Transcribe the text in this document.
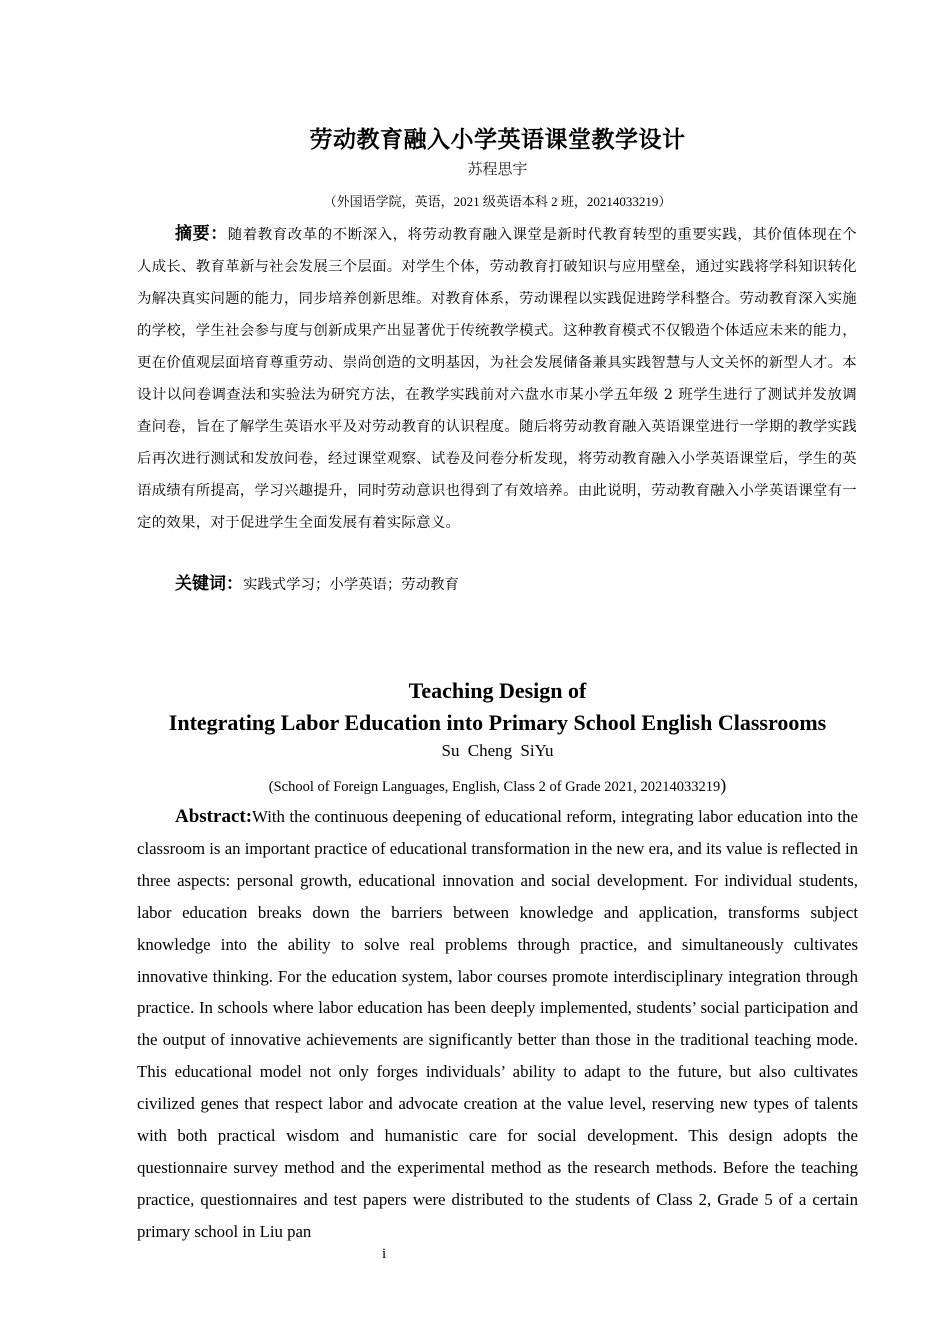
劳动教育融入小学英语课堂教学设计
苏程思宇
（外国语学院，英语，2021 级英语本科 2 班，20214033219）

摘要：随着教育改革的不断深入，将劳动教育融入课堂是新时代教育转型的重要实践，其价值体现在个人成长、教育革新与社会发展三个层面。对学生个体，劳动教育打破知识与应用壁垒，通过实践将学科知识转化为解决真实问题的能力，同步培养创新思维。对教育体系，劳动课程以实践促进跨学科整合。劳动教育深入实施的学校，学生社会参与度与创新成果产出显著优于传统教学模式。这种教育模式不仅锻造个体适应未来的能力，更在价值观层面培育尊重劳动、崇尚创造的文明基因，为社会发展储备兼具实践智慧与人文关怀的新型人才。本设计以问卷调查法和实验法为研究方法，在教学实践前对六盘水市某小学五年级 2 班学生进行了测试并发放调查问卷，旨在了解学生英语水平及对劳动教育的认识程度。随后将劳动教育融入英语课堂进行一学期的教学实践后再次进行测试和发放问卷，经过课堂观察、试卷及问卷分析发现，将劳动教育融入小学英语课堂后，学生的英语成绩有所提高，学习兴趣提升，同时劳动意识也得到了有效培养。由此说明，劳动教育融入小学英语课堂有一定的效果，对于促进学生全面发展有着实际意义。

关键词：实践式学习；小学英语；劳动教育

Teaching Design of
Integrating Labor Education into Primary School English Classrooms
Su Cheng SiYu
(School of Foreign Languages, English, Class 2 of Grade 2021, 20214033219)

Abstract:With the continuous deepening of educational reform, integrating labor education into the classroom is an important practice of educational transformation in the new era, and its value is reflected in three aspects: personal growth, educational innovation and social development. For individual students, labor education breaks down the barriers between knowledge and application, transforms subject knowledge into the ability to solve real problems through practice, and simultaneously cultivates innovative thinking. For the education system, labor courses promote interdisciplinary integration through practice. In schools where labor education has been deeply implemented, students’ social participation and the output of innovative achievements are significantly better than those in the traditional teaching mode. This educational model not only forges individuals’ ability to adapt to the future, but also cultivates civilized genes that respect labor and advocate creation at the value level, reserving new types of talents with both practical wisdom and humanistic care for social development. This design adopts the questionnaire survey method and the experimental method as the research methods. Before the teaching practice, questionnaires and test papers were distributed to the students of Class 2, Grade 5 of a certain primary school in Liu pan

i
